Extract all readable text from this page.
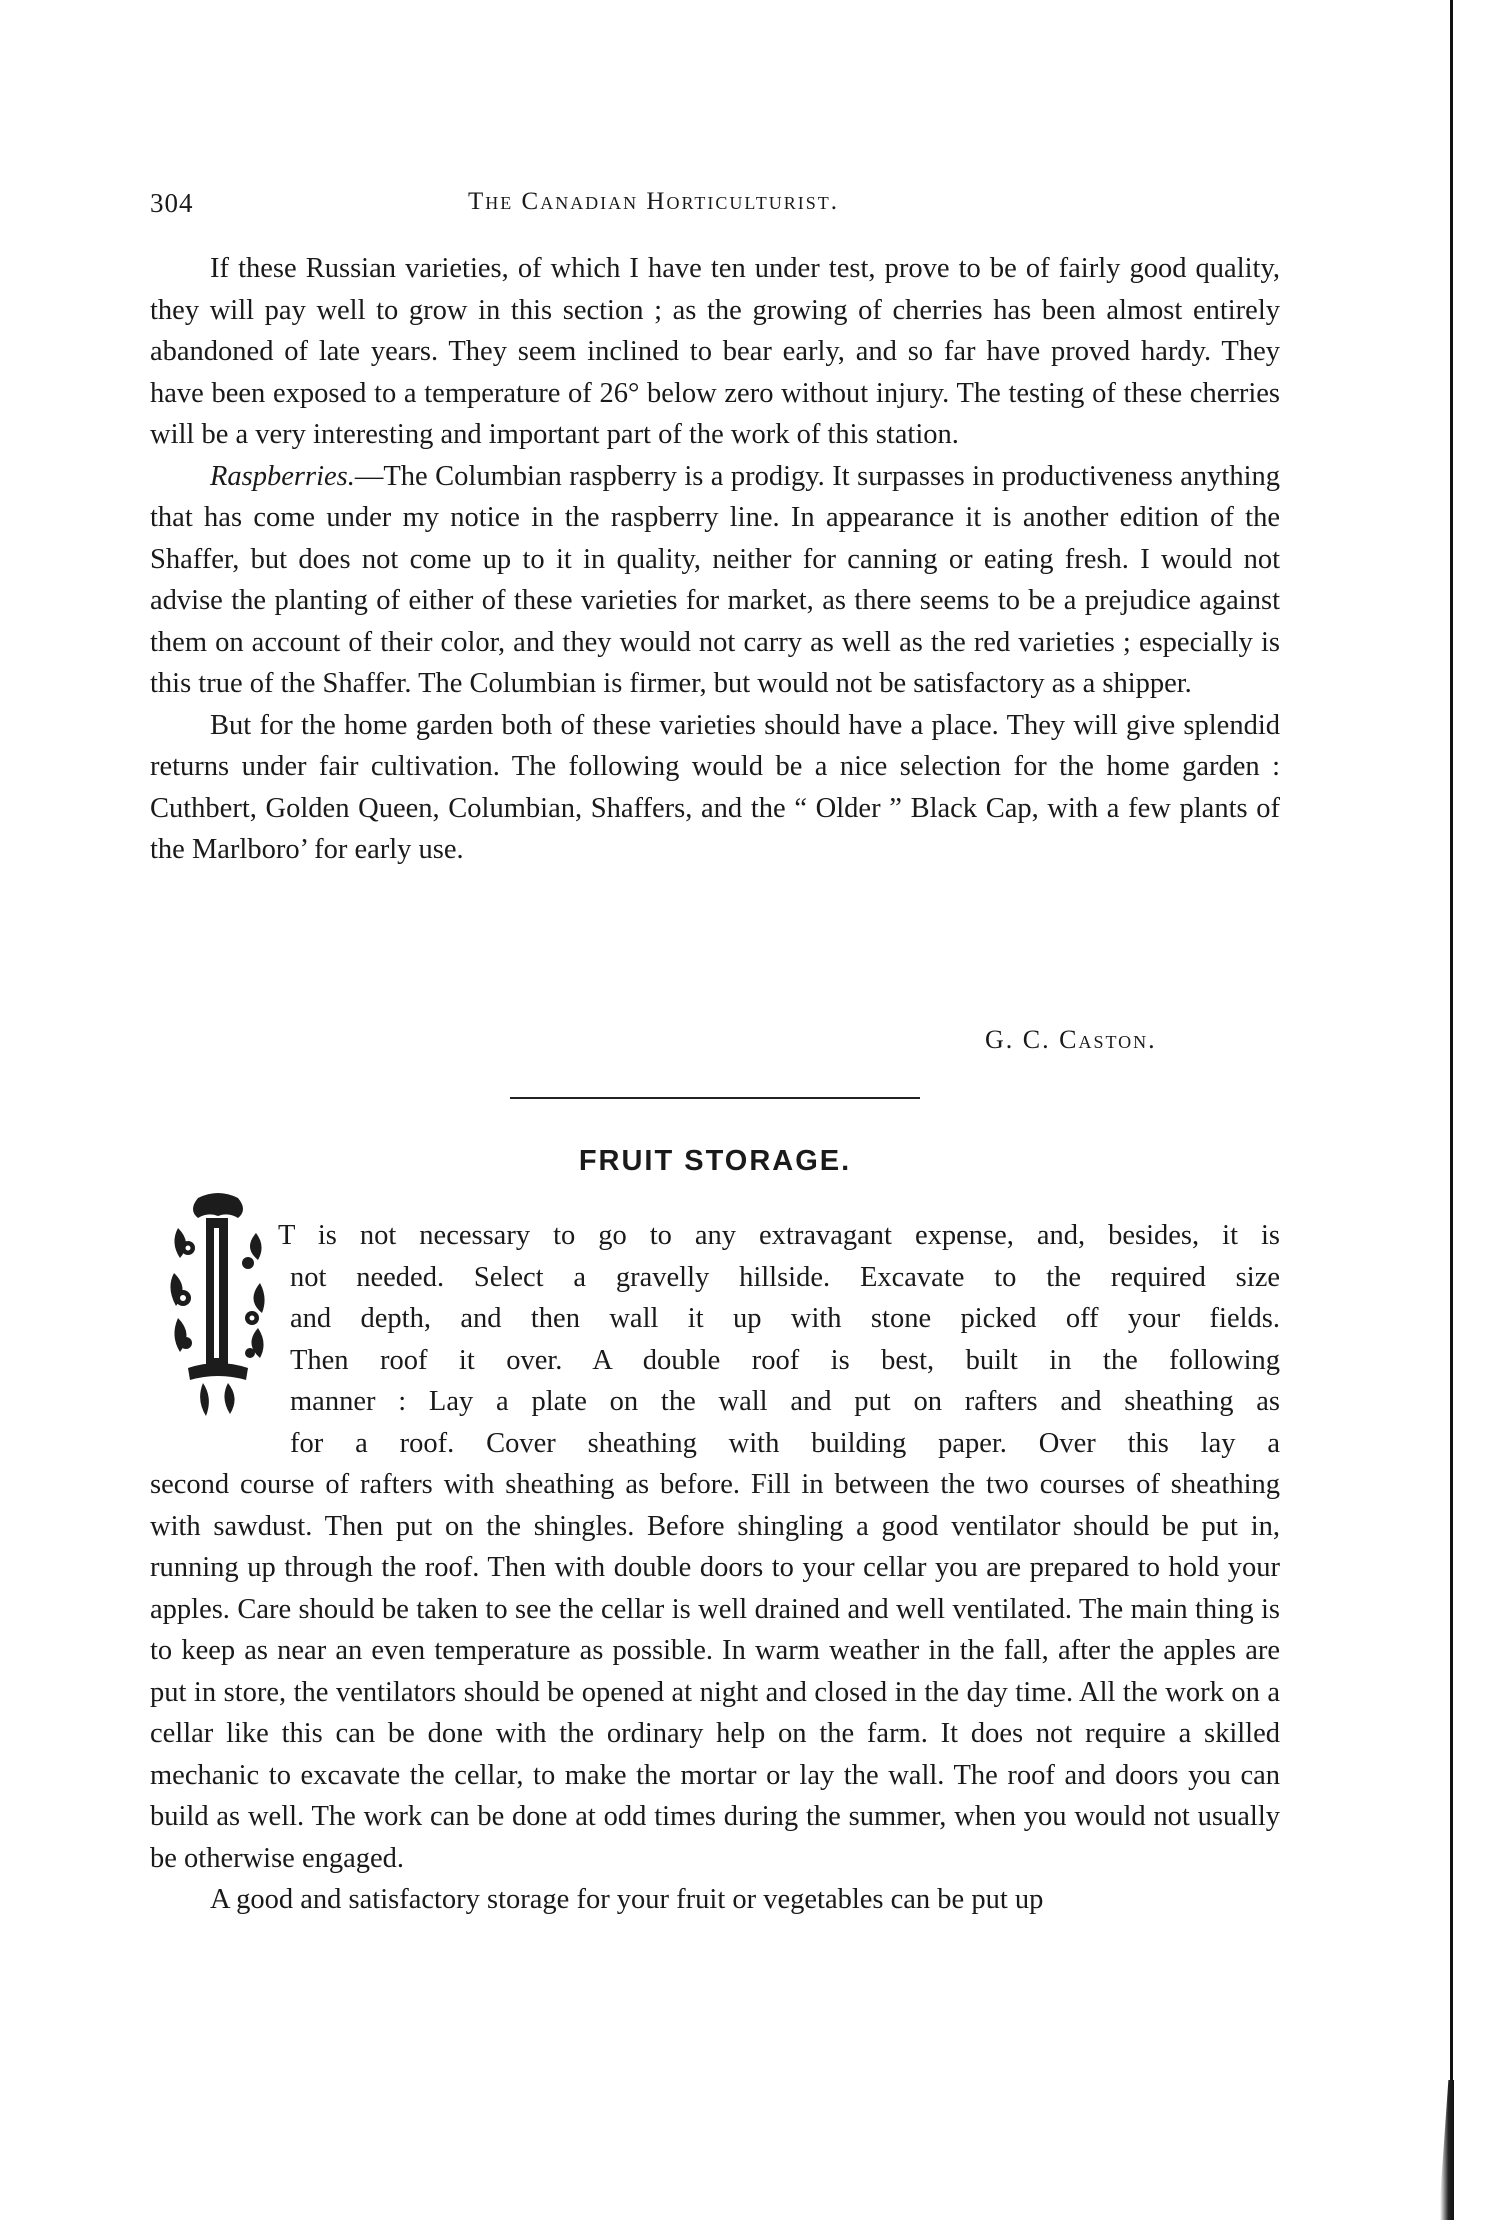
304	The Canadian Horticulturist.

If these Russian varieties, of which I have ten under test, prove to be of fairly good quality, they will pay well to grow in this section ; as the growing of cherries has been almost entirely abandoned of late years. They seem inclined to bear early, and so far have proved hardy. They have been exposed to a temperature of 26° below zero without injury. The testing of these cherries will be a very interesting and important part of the work of this station.

Raspberries.—The Columbian raspberry is a prodigy. It surpasses in productiveness anything that has come under my notice in the raspberry line. In appearance it is another edition of the Shaffer, but does not come up to it in quality, neither for canning or eating fresh. I would not advise the planting of either of these varieties for market, as there seems to be a prejudice against them on account of their color, and they would not carry as well as the red varieties ; especially is this true of the Shaffer. The Columbian is firmer, but would not be satisfactory as a shipper.

But for the home garden both of these varieties should have a place. They will give splendid returns under fair cultivation. The following would be a nice selection for the home garden : Cuthbert, Golden Queen, Columbian, Shaffers, and the “ Older ” Black Cap, with a few plants of the Marlboro’ for early use.

G. C. Caston.
FRUIT STORAGE.

T is not necessary to go to any extravagant expense, and, besides, it is
not needed. Select a gravelly hillside. Excavate to the required size
and depth, and then wall it up with stone picked off your fields.
Then roof it over. A double roof is best, built in the following
manner : Lay a plate on the wall and put on rafters and sheathing as
for a roof. Cover sheathing with building paper. Over this lay a
second course of rafters with sheathing as before. Fill in between the two courses of sheathing with sawdust. Then put on the shingles. Before shingling a good ventilator should be put in, running up through the roof. Then with double doors to your cellar you are prepared to hold your apples. Care should be taken to see the cellar is well drained and well ventilated. The main thing is to keep as near an even temperature as possible. In warm weather in the fall, after the apples are put in store, the ventilators should be opened at night and closed in the day time. All the work on a cellar like this can be done with the ordinary help on the farm. It does not require a skilled mechanic to excavate the cellar, to make the mortar or lay the wall. The roof and doors you can build as well. The work can be done at odd times during the summer, when you would not usually be otherwise engaged.

A good and satisfactory storage for your fruit or vegetables can be put up
